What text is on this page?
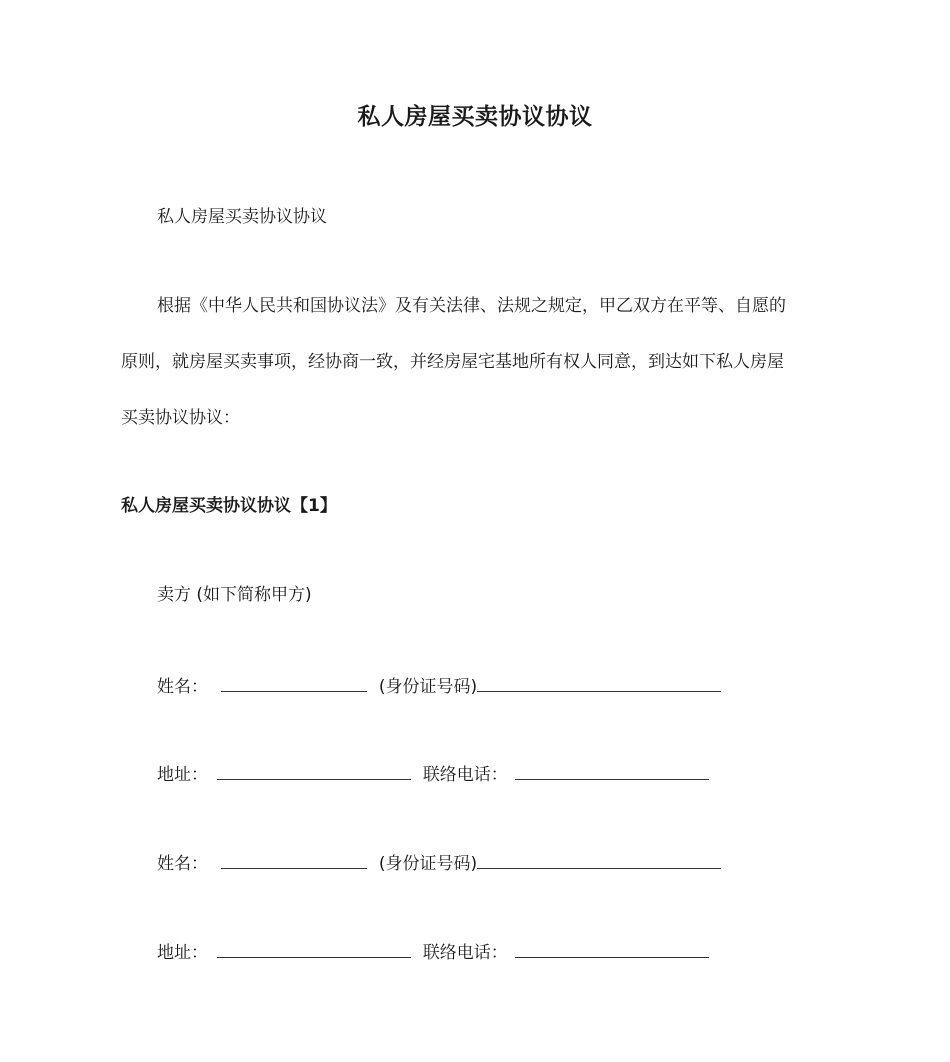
私人房屋买卖协议协议
私人房屋买卖协议协议
根据《中华人民共和国协议法》及有关法律、法规之规定，甲乙双方在平等、自愿的
原则，就房屋买卖事项，经协商一致，并经房屋宅基地所有权人同意，到达如下私人房屋
买卖协议协议：
私人房屋买卖协议协议【1】
卖方 (如下简称甲方)
姓名：	(身份证号码)
地址：	联络电话：
姓名：	(身份证号码)
地址：	联络电话：
